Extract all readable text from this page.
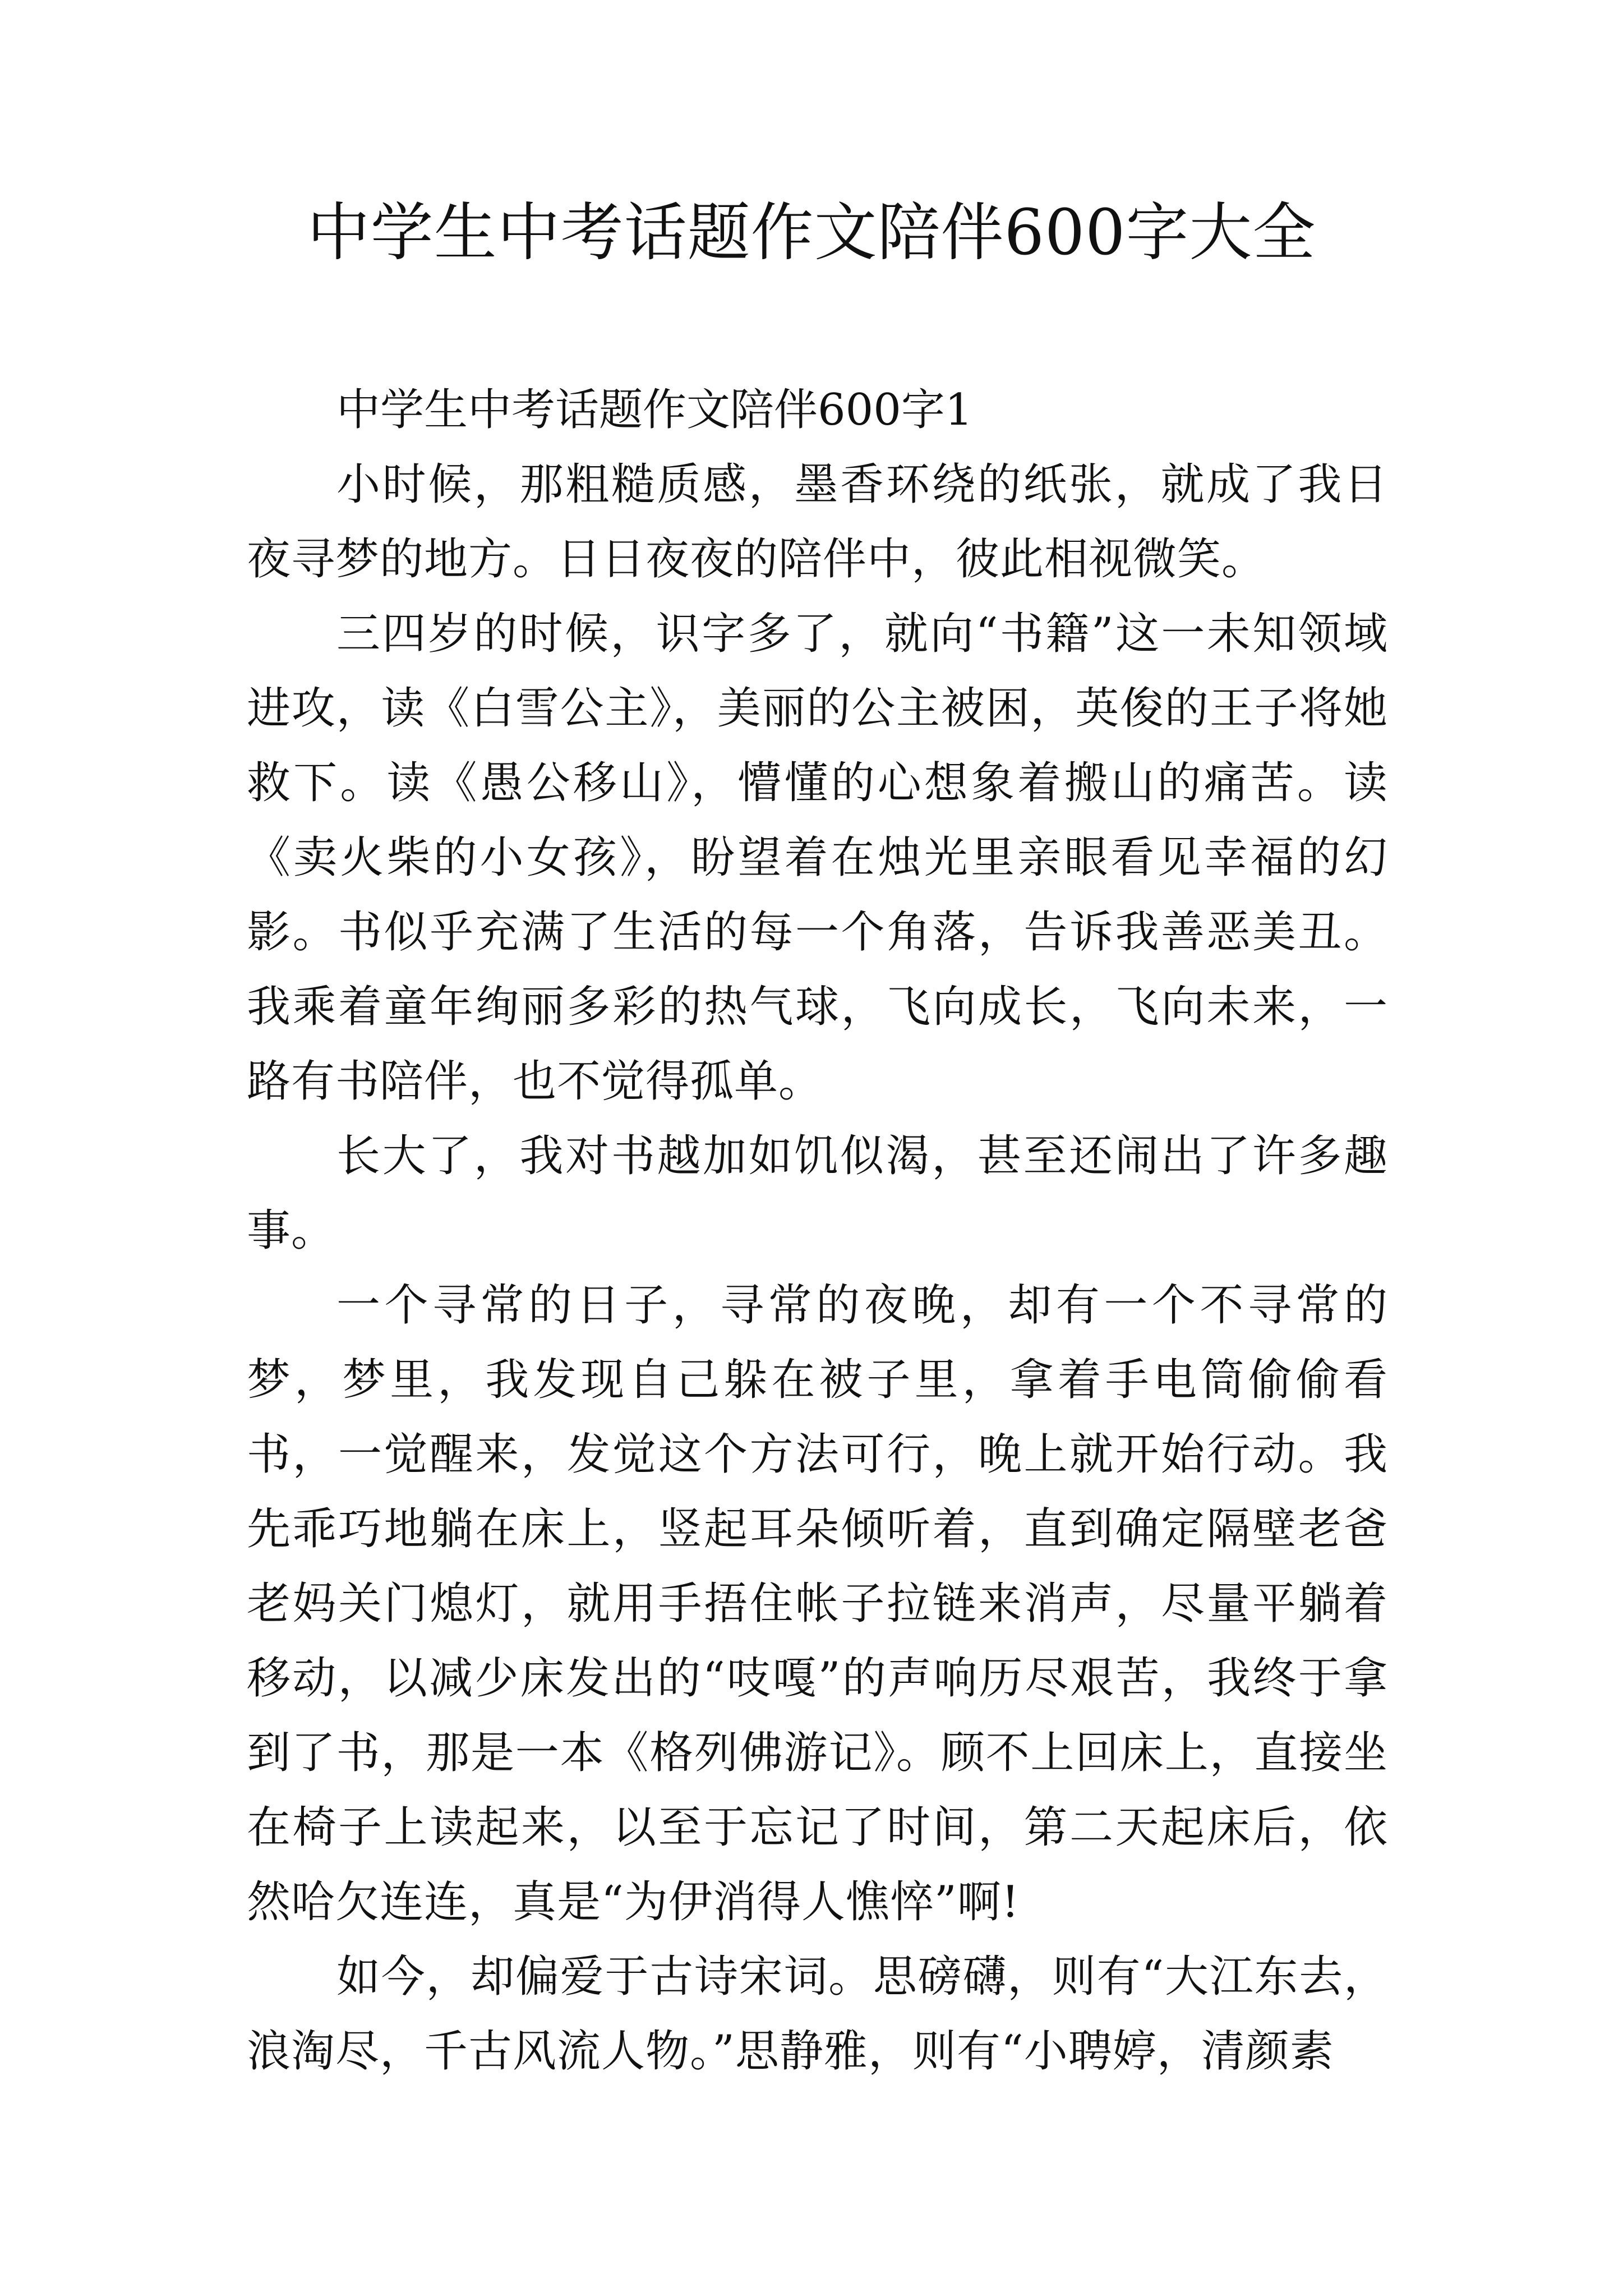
中学生中考话题作文陪伴600字大全

中学生中考话题作文陪伴600字1

小时候，那粗糙质感，墨香环绕的纸张，就成了我日夜寻梦的地方。日日夜夜的陪伴中，彼此相视微笑。

三四岁的时候，识字多了，就向“书籍”这一未知领域进攻，读《白雪公主》，美丽的公主被困，英俊的王子将她救下。读《愚公移山》，懵懂的心想象着搬山的痛苦。读《卖火柴的小女孩》，盼望着在烛光里亲眼看见幸福的幻影。书似乎充满了生活的每一个角落，告诉我善恶美丑。我乘着童年绚丽多彩的热气球，飞向成长，飞向未来，一路有书陪伴，也不觉得孤单。

长大了，我对书越加如饥似渴，甚至还闹出了许多趣事。

一个寻常的日子，寻常的夜晚，却有一个不寻常的梦，梦里，我发现自己躲在被子里，拿着手电筒偷偷看书，一觉醒来，发觉这个方法可行，晚上就开始行动。我先乖巧地躺在床上，竖起耳朵倾听着，直到确定隔壁老爸老妈关门熄灯，就用手捂住帐子拉链来消声，尽量平躺着移动，以减少床发出的“吱嘎”的声响历尽艰苦，我终于拿到了书，那是一本《格列佛游记》。顾不上回床上，直接坐在椅子上读起来，以至于忘记了时间，第二天起床后，依然哈欠连连，真是“为伊消得人憔悴”啊!

如今，却偏爱于古诗宋词。思磅礴，则有“大江东去，浪淘尽，千古风流人物。”思静雅，则有“小聘婷，清颜素
